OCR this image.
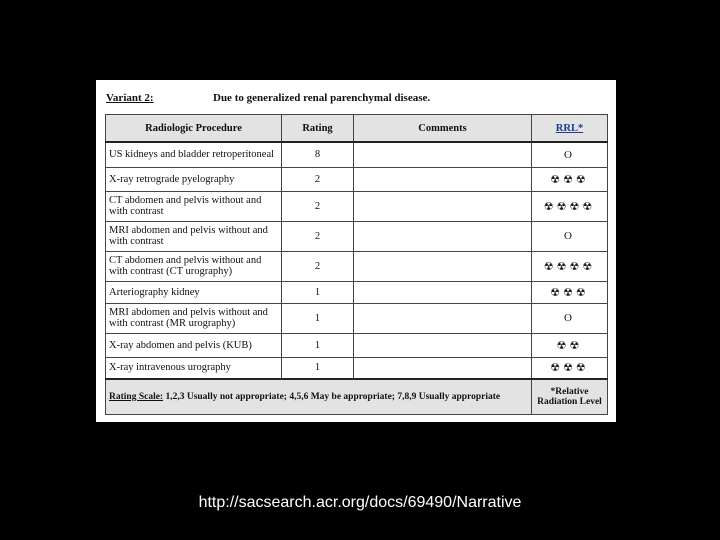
Variant 2:	Due to generalized renal parenchymal disease.
Radiologic Procedure	Rating	Comments	RRL*
US kidneys and bladder retroperitoneal	8		O
X-ray retrograde pyelography	2		☢☢☢
CT abdomen and pelvis without and with contrast	2		☢☢☢☢
MRI abdomen and pelvis without and with contrast	2		O
CT abdomen and pelvis without and with contrast (CT urography)	2		☢☢☢☢
Arteriography kidney	1		☢☢☢
MRI abdomen and pelvis without and with contrast (MR urography)	1		O
X-ray abdomen and pelvis (KUB)	1		☢☢
X-ray intravenous urography	1		☢☢☢
Rating Scale: 1,2,3 Usually not appropriate; 4,5,6 May be appropriate; 7,8,9 Usually appropriate			*Relative
Radiation Level
http://sacsearch.acr.org/docs/69490/Narrative
